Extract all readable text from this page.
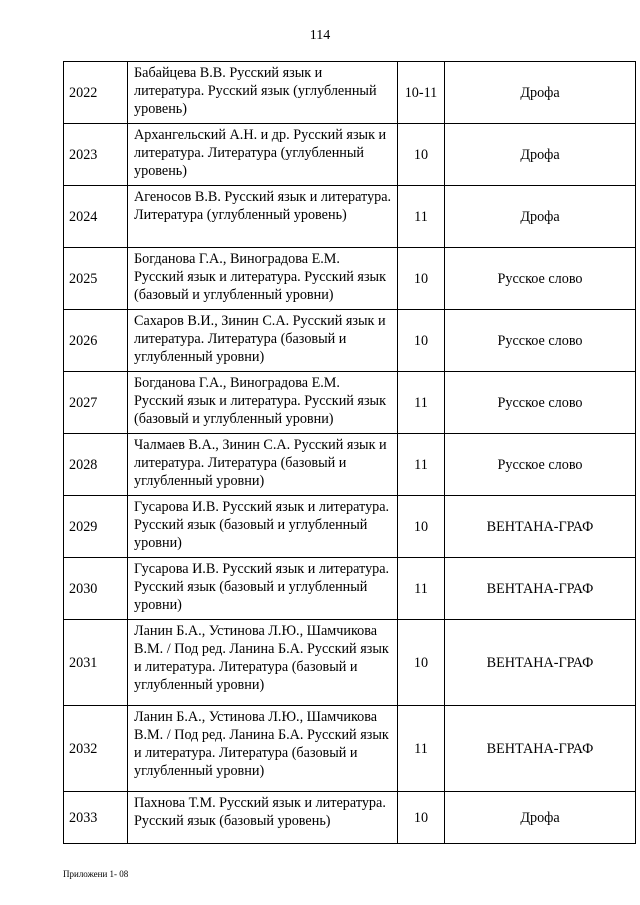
114
2022	Бабайцева В.В. Русский язык и литература. Русский язык (углубленный уровень)	10-11	Дрофа
2023	Архангельский А.Н. и др. Русский язык и литература. Литература (углубленный уровень)	10	Дрофа
2024	Агеносов В.В. Русский язык и литература. Литература (углубленный уровень)	11	Дрофа
2025	Богданова Г.А., Виноградова Е.М. Русский язык и литература. Русский язык (базовый и углубленный уровни)	10	Русское слово
2026	Сахаров В.И., Зинин С.А. Русский язык и литература. Литература (базовый и углубленный уровни)	10	Русское слово
2027	Богданова Г.А., Виноградова Е.М. Русский язык и литература. Русский язык (базовый и углубленный уровни)	11	Русское слово
2028	Чалмаев В.А., Зинин С.А. Русский язык и литература. Литература (базовый и углубленный уровни)	11	Русское слово
2029	Гусарова И.В. Русский язык и литература. Русский язык (базовый и углубленный уровни)	10	ВЕНТАНА-ГРАФ
2030	Гусарова И.В. Русский язык и литература. Русский язык (базовый и углубленный уровни)	11	ВЕНТАНА-ГРАФ
2031	Ланин Б.А., Устинова Л.Ю., Шамчикова В.М. / Под ред. Ланина Б.А. Русский язык и литература. Литература (базовый и углубленный уровни)	10	ВЕНТАНА-ГРАФ
2032	Ланин Б.А., Устинова Л.Ю., Шамчикова В.М. / Под ред. Ланина Б.А. Русский язык и литература. Литература (базовый и углубленный уровни)	11	ВЕНТАНА-ГРАФ
2033	Пахнова Т.М. Русский язык и литература. Русский язык (базовый уровень)	10	Дрофа
Приложени 1- 08
